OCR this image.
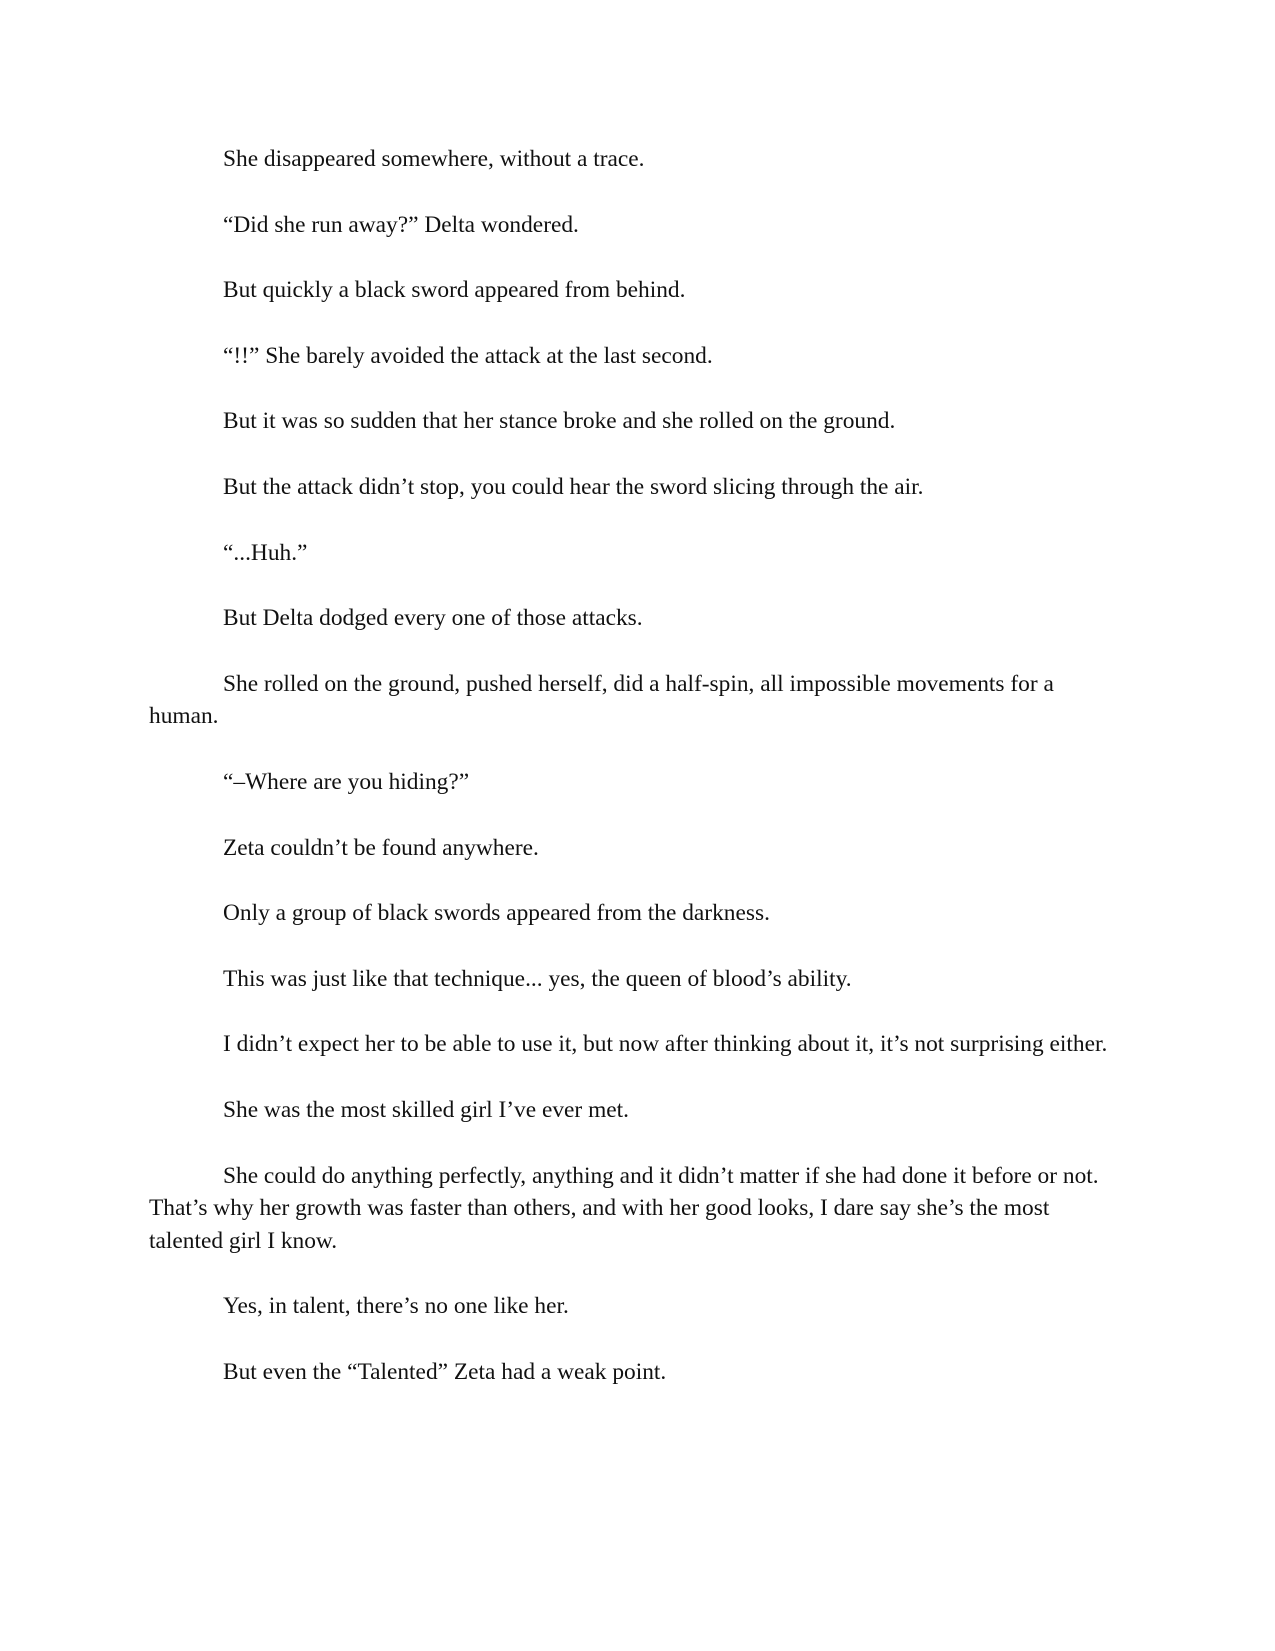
She disappeared somewhere, without a trace.

“Did she run away?” Delta wondered.

But quickly a black sword appeared from behind.

“!!” She barely avoided the attack at the last second.

But it was so sudden that her stance broke and she rolled on the ground.

But the attack didn’t stop, you could hear the sword slicing through the air.

“...Huh.”

But Delta dodged every one of those attacks.

She rolled on the ground, pushed herself, did a half-spin, all impossible movements for a human.

“–Where are you hiding?”

Zeta couldn’t be found anywhere.

Only a group of black swords appeared from the darkness.

This was just like that technique... yes, the queen of blood’s ability.

I didn’t expect her to be able to use it, but now after thinking about it, it’s not surprising either.

She was the most skilled girl I’ve ever met.

She could do anything perfectly, anything and it didn’t matter if she had done it before or not. That’s why her growth was faster than others, and with her good looks, I dare say she’s the most talented girl I know.

Yes, in talent, there’s no one like her.

But even the “Talented” Zeta had a weak point.
